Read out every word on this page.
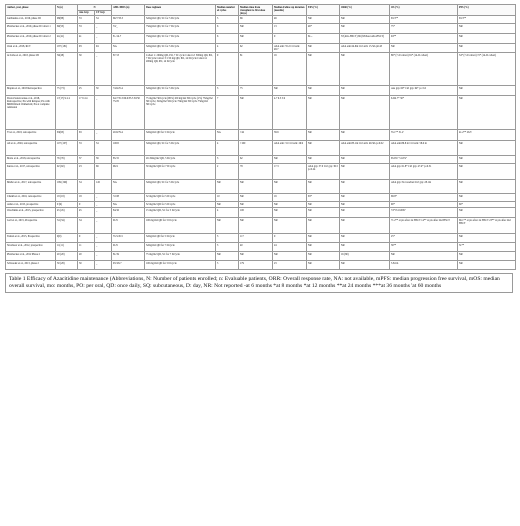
Author, year, phase	N (n)	N		AML/MDS (n)	Dose regimen	Median number of cycles	Median time from transplant to first dose (days)	Median Follow up duration (months)	EFS (%)	ORR (%)	OS (%)	PFS (%)
		Aza Grp	CT Grp									
Guillaume et al., 2019, phase III	98(88)	53	54	66/7/33.3	32mg/m2 QD, SC for 5 D/cycle	5	66	49	NR	NR	63.3**	63.3**
Platzbecker et al., 2019, phase II Cohort 1	60(53)	53	_	53/_	75mg/m2 QD, SC for 7 D/cycle	6	NR	13	46*	NR	75*	NR
Platzbecker et al., 2019, phase II Cohort 2	41(41)	41	_	8/-/14.7	75mg/m2 QD, SC for 7 D/cycle	6	NR	9	61--	37(Allo-HSCT) 69 (Without Allo-HSCT)	94**	NR
Oran et al., 2018, RCT	187 (181)	93	94	NA	32mg/m2 QD, SC for 5 D/cycle	4	62	AZA arm: 55.2 Ctrl arm: 48.7	NR	AZA arm:24.6m Ctrl arm: 15.5m p0.43	NR	NR
de Lima et al., 2018, phase I/II	30(28)	30	_	87/13	Cohort 1: 200mg QD, PO, 7 D/ cycle Cohort 2: 300mg QD, PO, 7 D/cycle Cohort 3: 150 mg QD, PO, 14 D/cycle Cohort 4: 200mg QD, PO, 14 D/cycle	9	81	19	NR	NR	86* (7-D cohort) 81* (14-D cohort)	54* (7-D cohort) 72* (14-D cohort)
Maples et al., 2018 Retrospective	75 (73)	25	50	74.6/25.4	32mg/m2 QD, SC for 5 D/cycle	3	75	NR	NR	NR	Aza grp: 60* Ctrl grp: 64* p= 0.6	NR
Drozd-Sokolowska et al., 2018, Retrospective; Pts with Relapse; Pts with MRD/mixed Chimerism; Pts at complete remission	17(17) 9 4 4	17 9 4 4	_	64.7/35.3 66.6/33.3 50/50 75/25	75 mg/m2 5D/cycle (99%) 100 mg/m2 5D/cycle (1%) 75mg/m2 5D/cycle; 32mg/m2 5D/cycle 75mg/m2 5D/cycle 75mg/m2 5D/cycle	7	NR	4.7 9.5 5.9	NR	NR	6.0m 7* 30*	NR
Yi et al., 2018, retrospective	63(63)	63	_	20.6/79.4	32mg/m2 QD for 5 D/cycle	NA	>42	38.9	NR	NR	55.1** 31.2'	41.2** 26.5'
Ali et al., 2020, retrospective	107 (107)	53	54	100/0	32mg/m2 QD, SC for 5 D/cycle	4	>100	AZA arm: 31 Ctrl arm: 29.9	NR	AZA arm:83.1m Ctrl arm: 49.3m p=0.02	AZA arm:86.8 m Ctrl arm: 58.6 m	NR
Motte et al., 2018, retrospective	76 (76)	37	39	85/15	20-32mg/m2 QD, 5 D/cycle	3	62	NR	NR	NR	65.6%'' 51.8%''	NR
Kuria et al., 2017, retrospective	92 (92)	23	69	96/4	30 mg/m2 QD for 7 D/cycle	2	78	17.3	AZA grp: 37.0 Ctrl grp: 36.5 p=0.24	NR	AZA grp: 61.8* Ctrl grp: 47.4* p=0.51	NR
Mishra et al., 2017, retrospective	199 (199)	54	145	NA	32mg/m2 QD, SC for 5 D/cycle	NR	NR	NR	NR	NR	AZA grp: Not reached Ctrl grp: 28.1m	NR
Cheikh et al., 2016, retrospective	18 (18)	18	_	72/28	32 mg/m2 QD for 5 D/cycle	10	NR	19	63*	NR	68.8*	NR
Ardat et al., 2015, prospective	9 (9)	9	_	NA	32 mg/m2 QD for 5 D/cycle	NR	NR	NR	NR	NR	90*	60*
Ovechkina et al., 2015, prospective	45 (45)	45	_	84/16	15 mg/m2 QD, SC for 5 D/cycle	4	100	NR	NR	NR	74* P=0.0067	NR
Goll et al., 2015, Prospective	34 (34)	34	_	91/9	100 mg/m2 QD for 5 D/cycle	NR	NR	NR	NR	NR	71.2** at pts after 1st HSCT 14** at pts after 2nd HSCT	66.1** at pts after 1st HSCT 23** at pts after 2nd HSCT
Tuman et al., 2015, Prospective	9(9)	9	_	55.5/45.5	32mg/m2 QD for 5 D/cycle	3	117	9	NR	NR	25*	NR
Stromwer et al., 2012, prospective	11(11)	11	_	91/9	32mg/m2 QD for 7 D/cycle	3	40	24	NR	NR	56**	31**
Platzbecker et al., 2012 Phase 2	20 (20)	20	_	81/19	75 mg/m2 QD, SC for 7 D/cycle	NR	NR	NR	NR	16 (80)	NR	NR
Schroeder et al., 2013, phase 2	30 (28)	30	_	93.3/6.7	100 mg/m2 QD for 5 D/cycle	5	179	23	NR	NR	3.84 m	NR
Table 1 Efficacy of Azacitidine maintenance (Abbreviations, N: Number of patients enrolled; n: Evaluable patients, ORR: Overall response rate, NA: not available, mPFS: median progression free survival, mOS: median overall survival, mo: months, PO: per oral, QD: once daily, SQ: subcutaneous, D: day, NR: Not reported -at 6 months *at 8 months *at 12 months **at 24 months ***at 36 months 'at 60 months
